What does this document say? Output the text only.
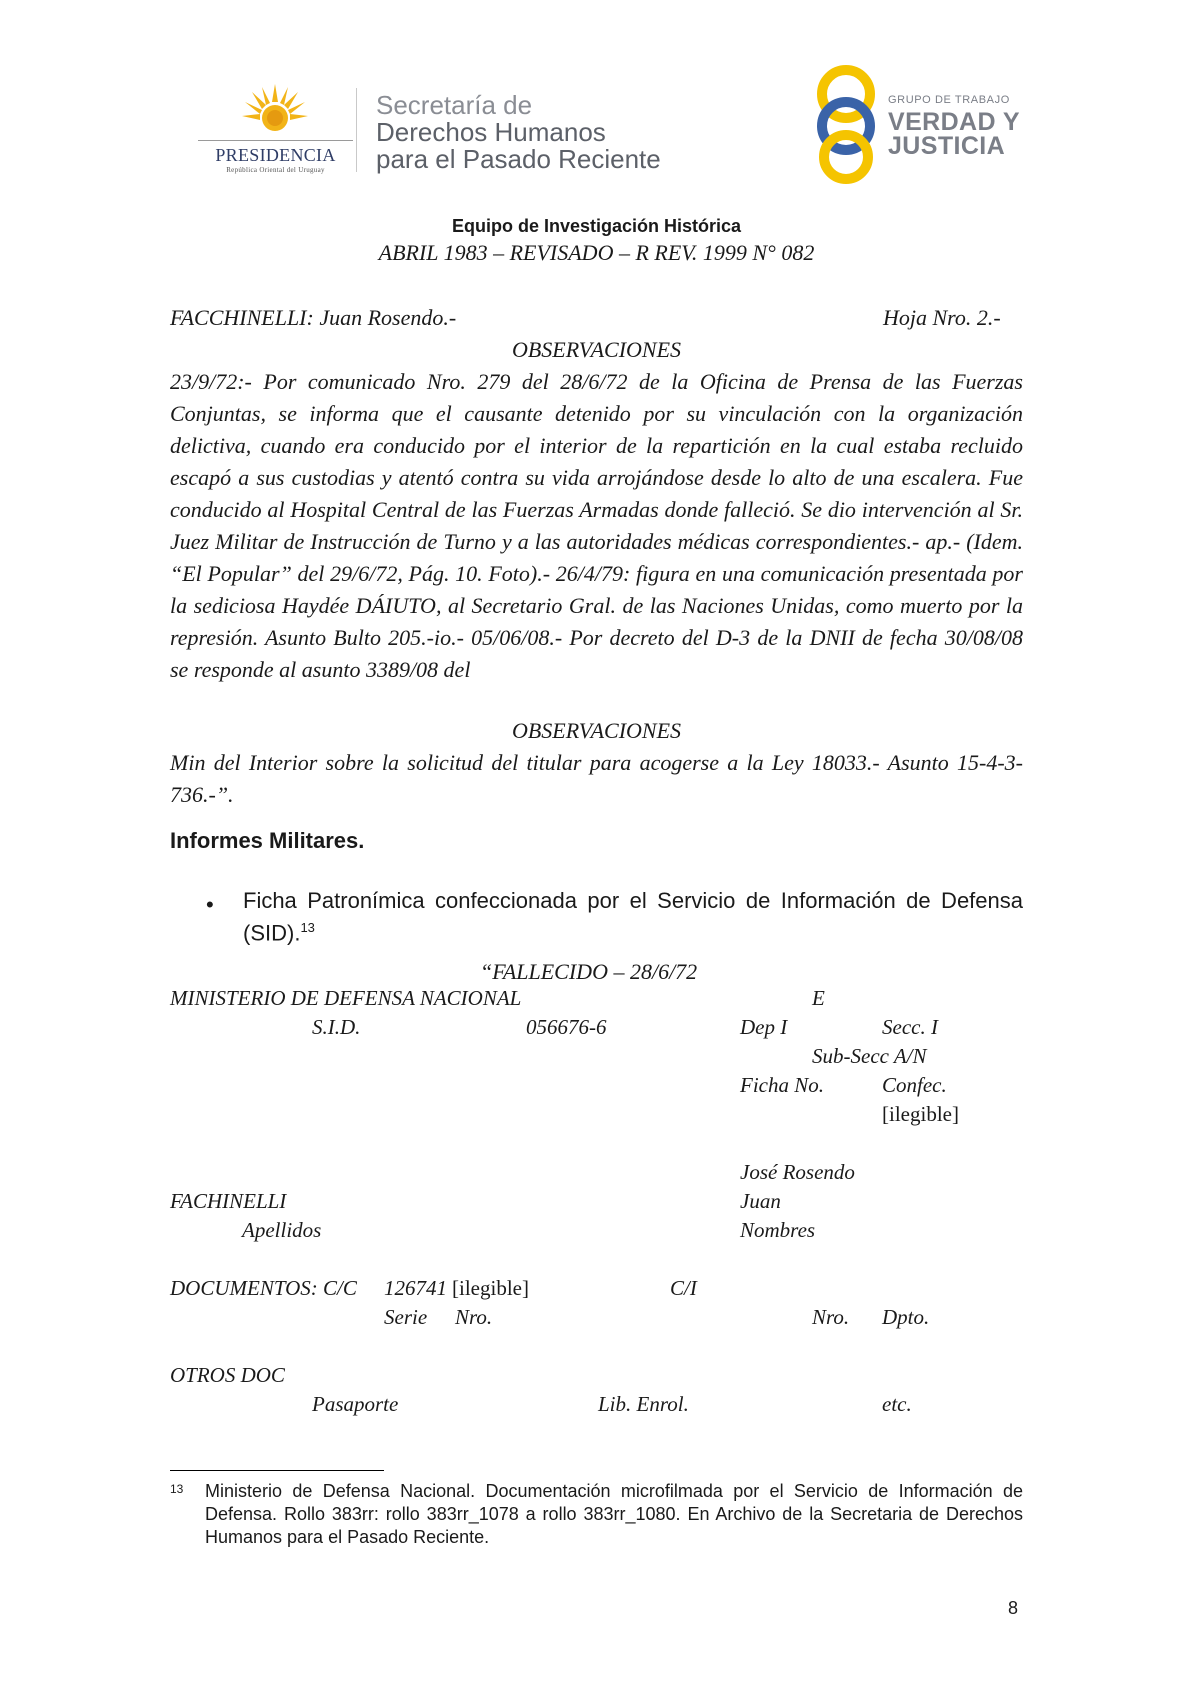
PRESIDENCIA
República Oriental del Uruguay
Secretaría de
Derechos Humanos
para el Pasado Reciente
GRUPO DE TRABAJO
VERDAD Y
JUSTICIA
Equipo de Investigación Histórica
ABRIL 1983 – REVISADO – R REV. 1999 N° 082
FACCHINELLI: Juan Rosendo.-	Hoja Nro. 2.-
OBSERVACIONES
23/9/72:- Por comunicado Nro. 279 del 28/6/72 de la Oficina de Prensa de las Fuerzas Conjuntas, se informa que el causante detenido por su vinculación con la organización delictiva, cuando era conducido por el interior de la repartición en la cual estaba recluido escapó a sus custodias y atentó contra su vida arrojándose desde lo alto de una escalera. Fue conducido al Hospital Central de las Fuerzas Armadas donde falleció. Se dio intervención al Sr. Juez Militar de Instrucción de Turno y a las autoridades médicas correspondientes.- ap.- (Idem. “El Popular” del 29/6/72, Pág. 10. Foto).- 26/4/79: figura en una comunicación presentada por la sediciosa Haydée DÁIUTO, al Secretario Gral. de las Naciones Unidas, como muerto por la represión. Asunto Bulto 205.-io.- 05/06/08.- Por decreto del D-3 de la DNII de fecha 30/08/08 se responde al asunto 3389/08 del
OBSERVACIONES
Min del Interior sobre la solicitud del titular para acogerse a la Ley 18033.- Asunto 15-4-3-736.-”.
Informes Militares.
• Ficha Patronímica confeccionada por el Servicio de Información de Defensa (SID).$^{13}$
“FALLECIDO – 28/6/72
MINISTERIO DE DEFENSA NACIONAL	E
S.I.D.	056676-6	Dep I	Secc. I
Sub-Secc A/N
Ficha No.	Confec.
[ilegible]
José Rosendo
FACHINELLI	Juan
Apellidos	Nombres
DOCUMENTOS: C/C 126741 [ilegible]	C/I
Serie Nro.	Nro. Dpto.
OTROS DOC
Pasaporte	Lib. Enrol.	etc.
13 Ministerio de Defensa Nacional. Documentación microfilmada por el Servicio de Información de Defensa. Rollo 383rr: rollo 383rr_1078 a rollo 383rr_1080. En Archivo de la Secretaria de Derechos Humanos para el Pasado Reciente.
8
